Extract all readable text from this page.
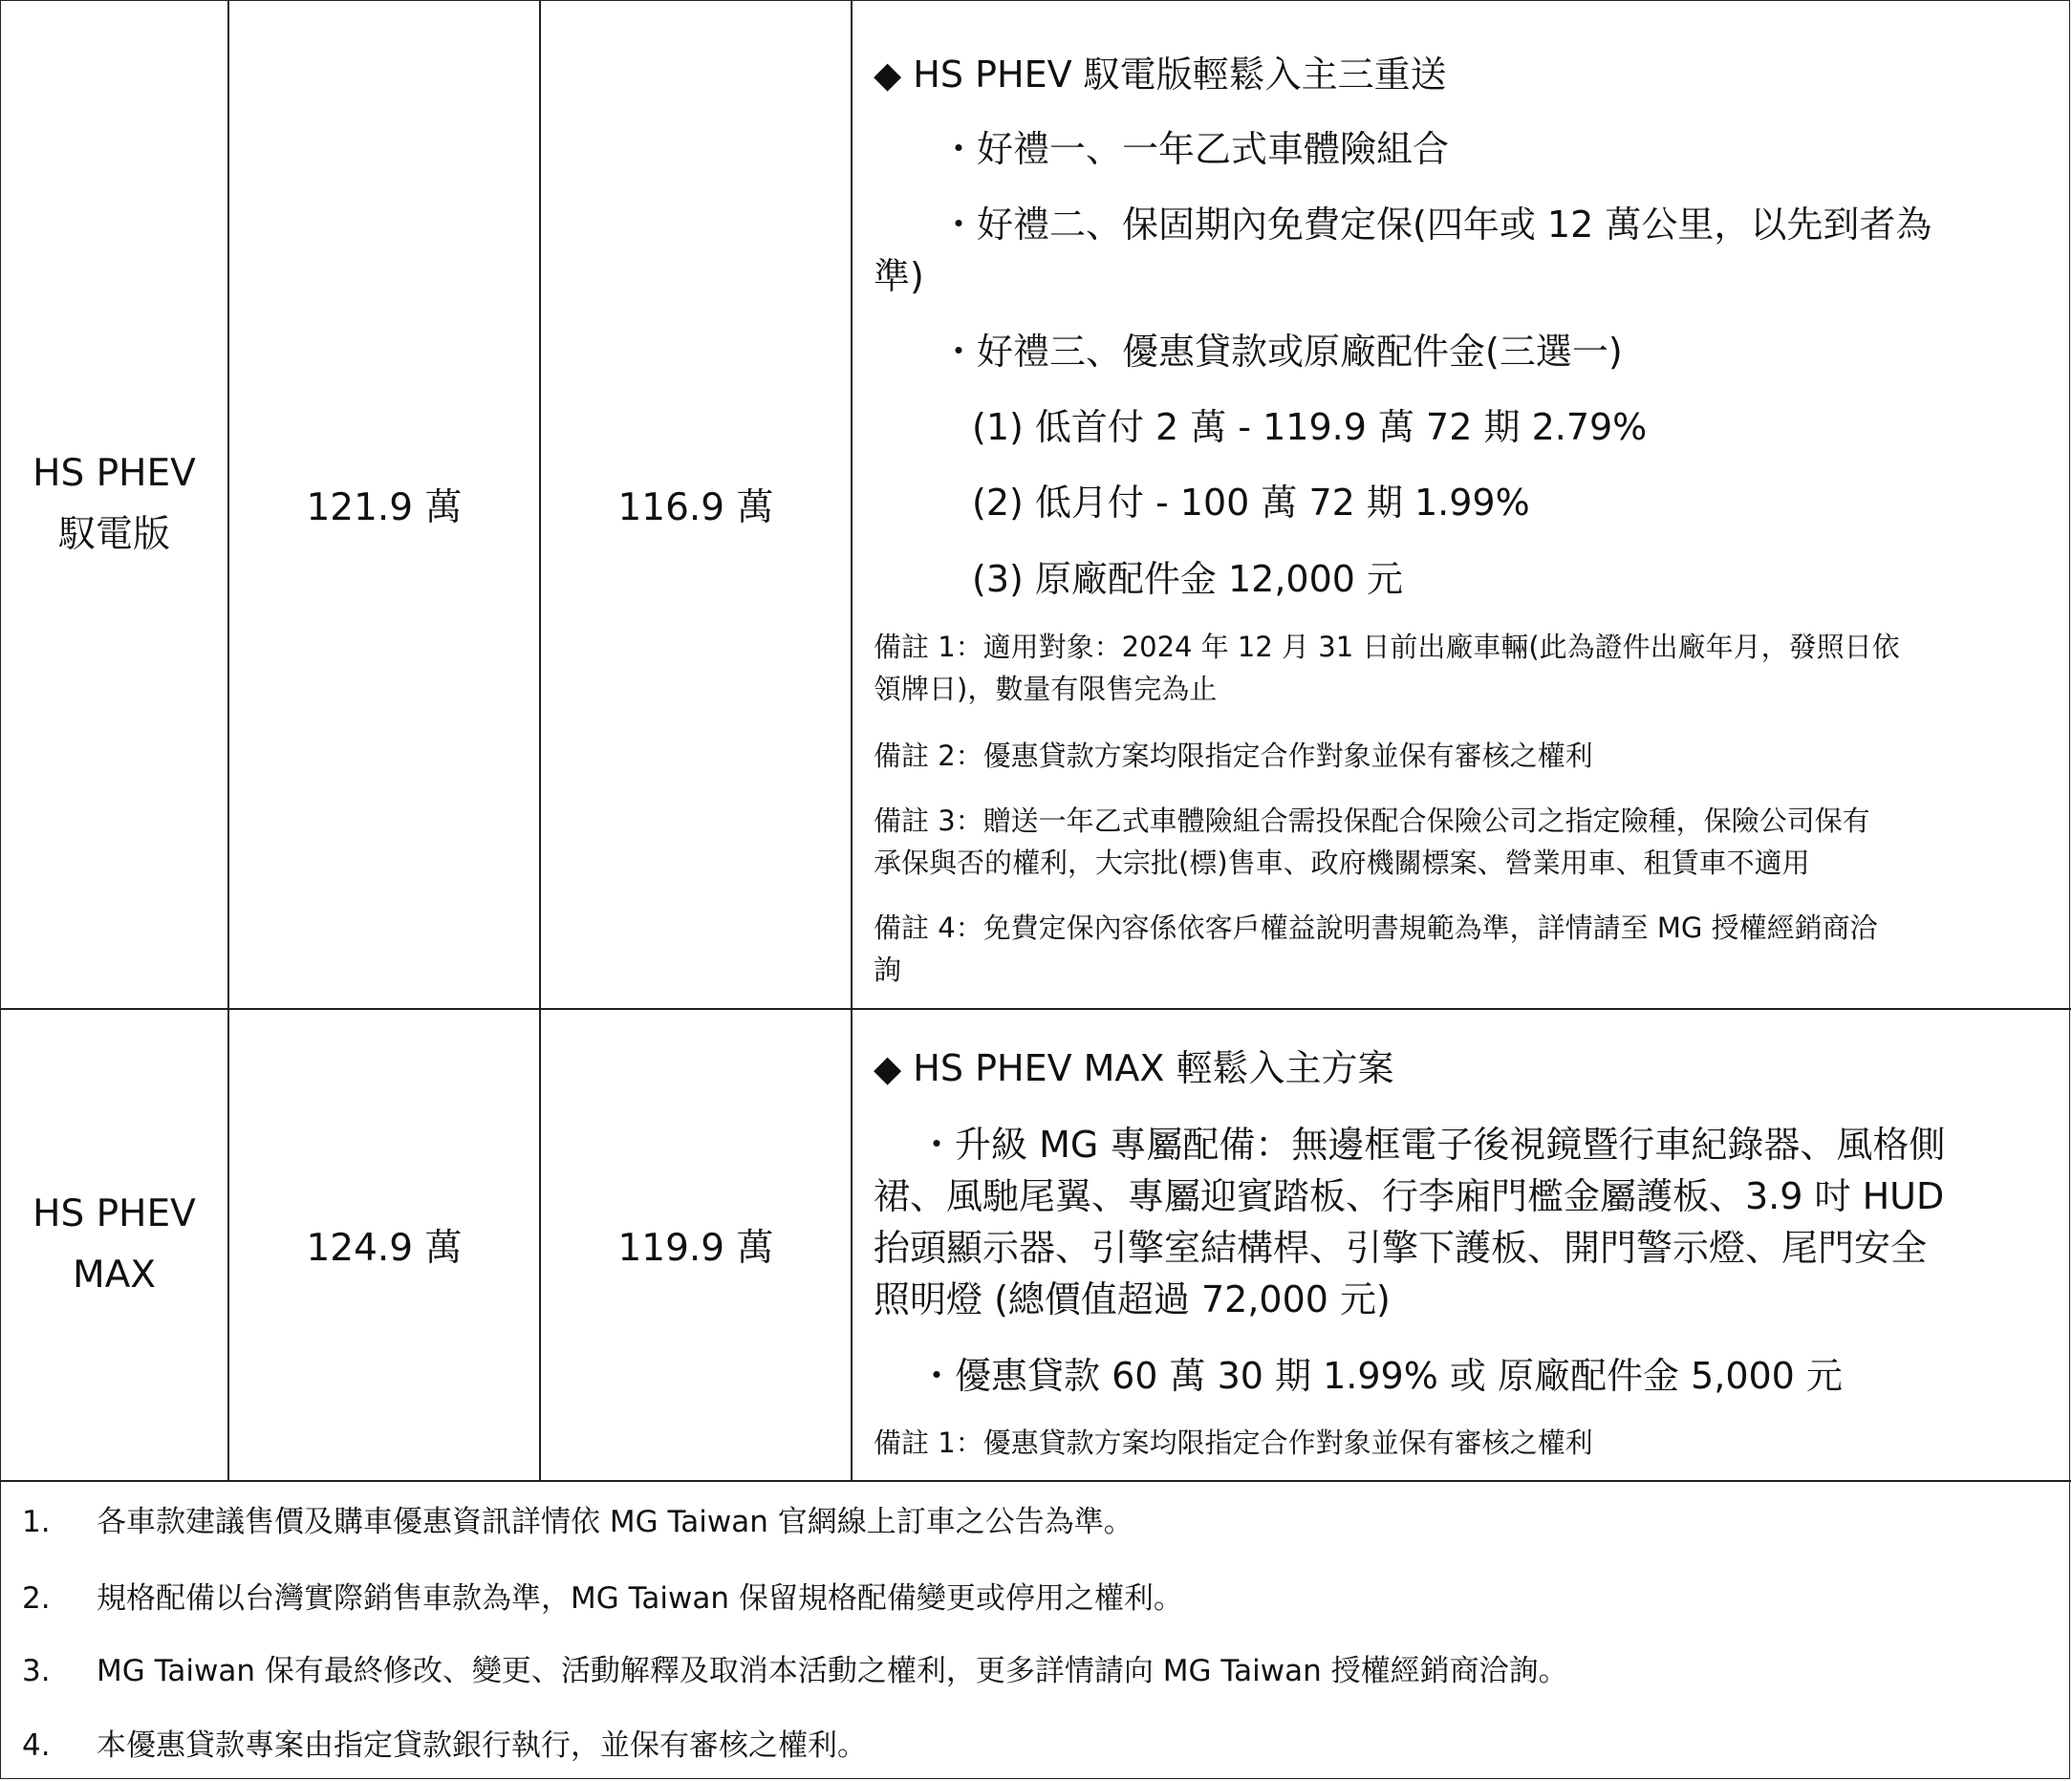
HS PHEV
馭電版
121.9 萬	116.9 萬
◆ HS PHEV 馭電版輕鬆入主三重送
・好禮一、一年乙式車體險組合
・好禮二、保固期內免費定保(四年或 12 萬公里，以先到者為
準)
・好禮三、優惠貸款或原廠配件金(三選一)
(1) 低首付 2 萬 - 119.9 萬 72 期 2.79%
(2) 低月付 - 100 萬 72 期 1.99%
(3) 原廠配件金 12,000 元
備註 1：適用對象：2024 年 12 月 31 日前出廠車輛(此為證件出廠年月，發照日依
領牌日)，數量有限售完為止
備註 2：優惠貸款方案均限指定合作對象並保有審核之權利
備註 3：贈送一年乙式車體險組合需投保配合保險公司之指定險種，保險公司保有
承保與否的權利，大宗批(標)售車、政府機關標案、營業用車、租賃車不適用
備註 4：免費定保內容係依客戶權益說明書規範為準，詳情請至 MG 授權經銷商洽
詢
HS PHEV
MAX
124.9 萬	119.9 萬
◆ HS PHEV MAX 輕鬆入主方案
・升級 MG 專屬配備：無邊框電子後視鏡暨行車紀錄器、風格側
裙、風馳尾翼、專屬迎賓踏板、行李廂門檻金屬護板、3.9 吋 HUD
抬頭顯示器、引擎室結構桿、引擎下護板、開門警示燈、尾門安全
照明燈 (總價值超過 72,000 元)
・優惠貸款 60 萬 30 期 1.99% 或 原廠配件金 5,000 元
備註 1：優惠貸款方案均限指定合作對象並保有審核之權利
1. 各車款建議售價及購車優惠資訊詳情依 MG Taiwan 官網線上訂車之公告為準。
2. 規格配備以台灣實際銷售車款為準，MG Taiwan 保留規格配備變更或停用之權利。
3. MG Taiwan 保有最終修改、變更、活動解釋及取消本活動之權利，更多詳情請向 MG Taiwan 授權經銷商洽詢。
4. 本優惠貸款專案由指定貸款銀行執行，並保有審核之權利。
